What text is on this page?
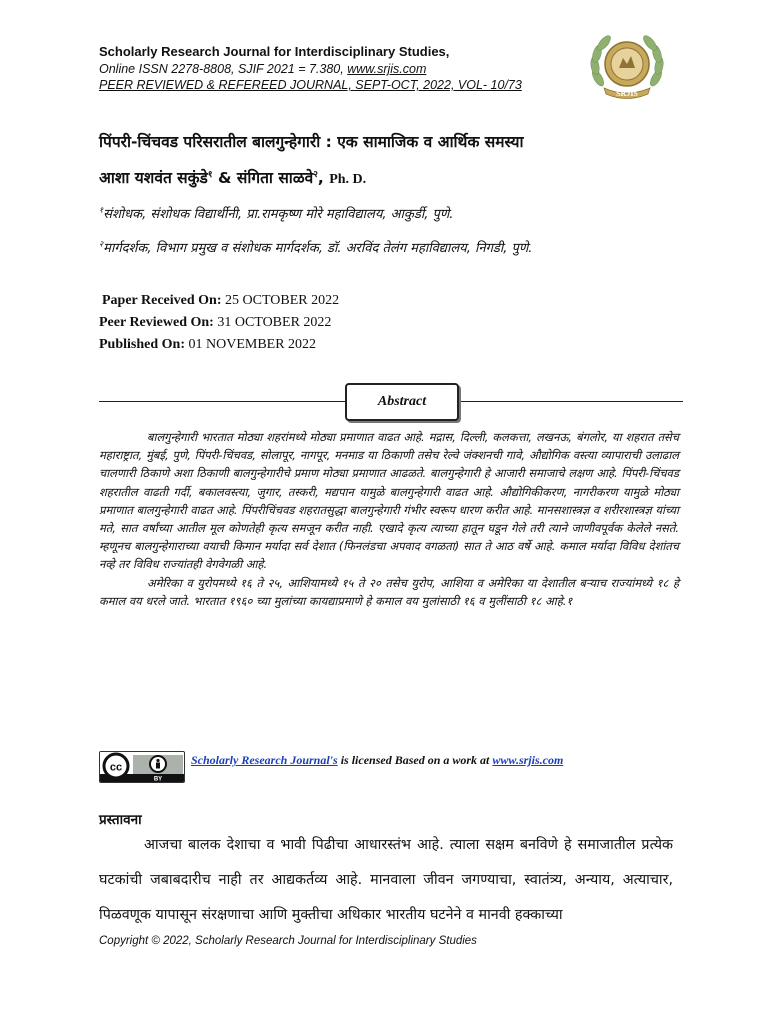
Scholarly Research Journal for Interdisciplinary Studies,
Online ISSN 2278-8808, SJIF 2021 = 7.380, www.srjis.com
PEER REVIEWED & REFEREED JOURNAL, SEPT-OCT, 2022, VOL- 10/73
SRJIS
पिंपरी-चिंचवड परिसरातील बालगुन्हेगारी : एक सामाजिक व आर्थिक समस्या
आशा यशवंत सकुंडे$^१$ & संगिता साळवे$^२$, Ph. D.
$^१$संशोधक, संशोधक विद्यार्थीनी, प्रा.रामकृष्ण मोरे महाविद्यालय, आकुर्डी, पुणे.
$^२$मार्गदर्शक, विभाग प्रमुख व संशोधक मार्गदर्शक, डॉ. अरविंद तेलंग महाविद्यालय, निगडी, पुणे.
Paper Received On: 25 OCTOBER 2022
Peer Reviewed On: 31 OCTOBER 2022
Published On: 01 NOVEMBER 2022
Abstract

बालगुन्हेगारी भारतात मोठ्या शहरांमध्ये मोठ्या प्रमाणात वाढत आहे. मद्रास, दिल्ली, कलकत्ता, लखनऊ, बंगलोर, या शहरात तसेच महाराष्ट्रात, मुंबई, पुणे, पिंपरी-चिंचवड, सोलापूर, नागपूर, मनमाड या ठिकाणी तसेच रेल्वे जंक्शनची गावे, औद्योगिक वस्त्या व्यापाराची उलाढाल चालणारी ठिकाणे अशा ठिकाणी बालगुन्हेगारीचे प्रमाण मोठ्या प्रमाणात आढळते. बालगुन्हेगारी हे आजारी समाजाचे लक्षण आहे. पिंपरी-चिंचवड शहरातील वाढती गर्दी, बकालवस्त्या, जुगार, तस्करी, मद्यपान यामुळे बालगुन्हेगारी वाढत आहे. औद्योगिकीकरण, नागरीकरण यामुळे मोठ्या प्रमाणात बालगुन्हेगारी वाढत आहे. पिंपरीचिंचवड शहरातसुद्धा बालगुन्हेगारी गंभीर स्वरूप धारण करीत आहे. मानसशास्त्रज्ञ व शरीरशास्त्रज्ञ यांच्या मते, सात वर्षांच्या आतील मूल कोणतेही कृत्य समजून करीत नाही. एखादे कृत्य त्याच्या हातून घडून गेले तरी त्याने जाणीवपूर्वक केलेले नसते. म्हणूनच बालगुन्हेगाराच्या वयाची किमान मर्यादा सर्व देशात (फिनलंडचा अपवाद वगळता) सात ते आठ वर्षे आहे. कमाल मर्यादा विविध देशांतच नव्हे तर विविध राज्यांतही वेगवेगळी आहे.

अमेरिका व युरोपमध्ये १६ ते २५, आशियामध्ये १५ ते २० तसेच युरोप, आशिया व अमेरिका या देशातील बऱ्याच राज्यांमध्ये १८ हे कमाल वय धरले जाते. भारतात १९६० च्या मुलांच्या कायद्याप्रमाणे हे कमाल वय मुलांसाठी १६ व मुलींसाठी १८ आहे.१

cc
BY
Scholarly Research Journal's is licensed Based on a work at www.srjis.com
प्रस्तावना

आजचा बालक देशाचा व भावी पिढीचा आधारस्तंभ आहे. त्याला सक्षम बनविणे हे समाजातील प्रत्येक घटकांची जबाबदारीच नाही तर आद्यकर्तव्य आहे. मानवाला जीवन जगण्याचा, स्वातंत्र्य, अन्याय, अत्याचार, पिळवणूक यापासून संरक्षणाचा आणि मुक्तीचा अधिकार भारतीय घटनेने व मानवी हक्काच्या

Copyright © 2022, Scholarly Research Journal for Interdisciplinary Studies
